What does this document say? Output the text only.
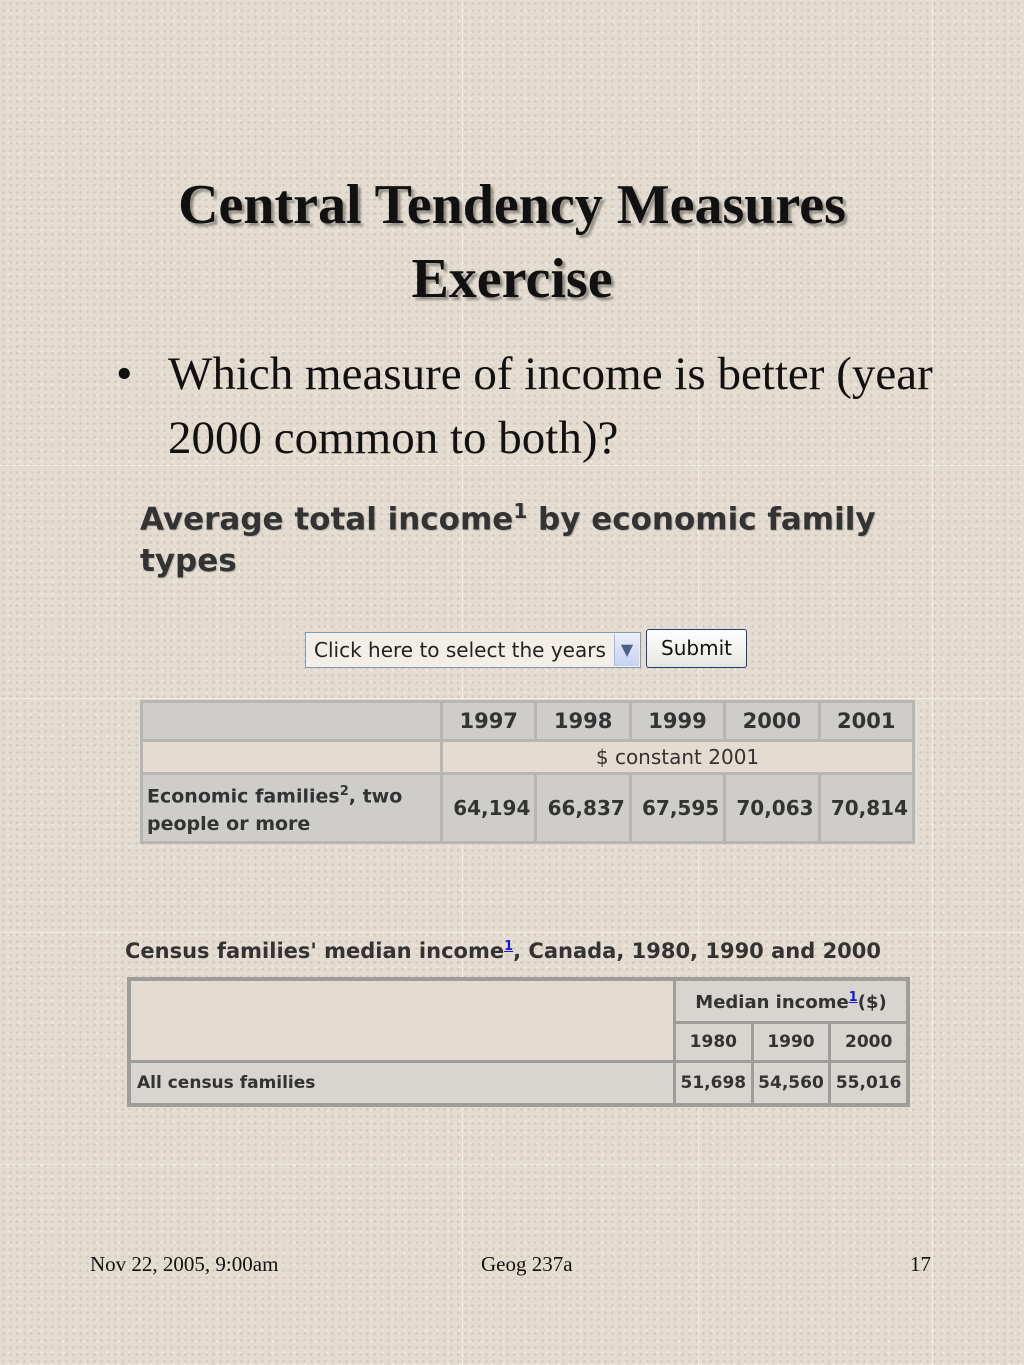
Central Tendency Measures
Exercise
• Which measure of income is better (year 2000 common to both)?
Average total income$^1$ by economic family types
Click here to select the years ▼	Submit
	1997	1998	1999	2000	2001
	$ constant 2001				
Economic families$^2$, two people or more	64,194	66,837	67,595	70,063	70,814
Census families' median income$^1$, Canada, 1980, 1990 and 2000
	Median income$^1$($)		
	1980	1990	2000
All census families	51,698	54,560	55,016
Nov 22, 2005, 9:00am	Geog 237a	17
